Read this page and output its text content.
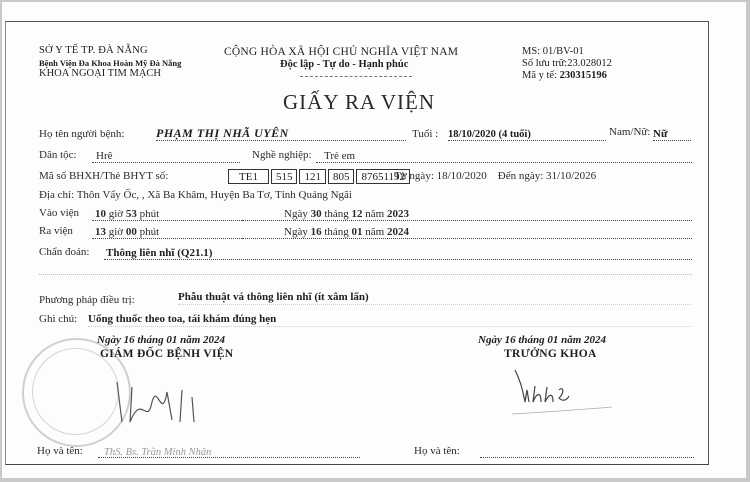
SỞ Y TẾ TP. ĐÀ NẴNG
Bệnh Viện Đa Khoa Hoàn Mỹ Đà Nẵng
KHOA NGOẠI TIM MẠCH
CỘNG HÒA XÃ HỘI CHỦ NGHĨA VIỆT NAM
Độc lập - Tự do - Hạnh phúc
MS: 01/BV-01
Số lưu trữ:23.028012
Mã y tế: 230315196
GIẤY RA VIỆN
Họ tên người bệnh:	PHẠM THỊ NHÃ UYÊN	Tuổi : 18/10/2020 (4 tuổi)	Nam/Nữ: Nữ
Dân tộc:	Hrê	Nghề nghiệp:	Trẻ em
Mã số BHXH/Thẻ BHYT số:	TE1	515	121	805	87651192
Từ ngày: 18/10/2020 Đến ngày: 31/10/2026
Địa chỉ: Thôn Vẩy Ốc, , Xã Ba Khâm, Huyện Ba Tơ, Tỉnh Quảng Ngãi
Vào viện 10 giờ 53 phút	Ngày 30 tháng 12 năm 2023
Ra viện 13 giờ 00 phút	Ngày 16 tháng 01 năm 2024
Chẩn đoán: Thông liên nhĩ (Q21.1)
Phương pháp điều trị:	Phẫu thuật vá thông liên nhĩ (ít xâm lấn)
Ghi chú: Uống thuốc theo toa, tái khám đúng hẹn
Ngày 16 tháng 01 năm 2024
GIÁM ĐỐC BỆNH VIỆN
Ngày 16 tháng 01 năm 2024
TRƯỞNG KHOA
Họ và tên:	ThS. Bs. Trần Minh Nhân	Họ và tên:
